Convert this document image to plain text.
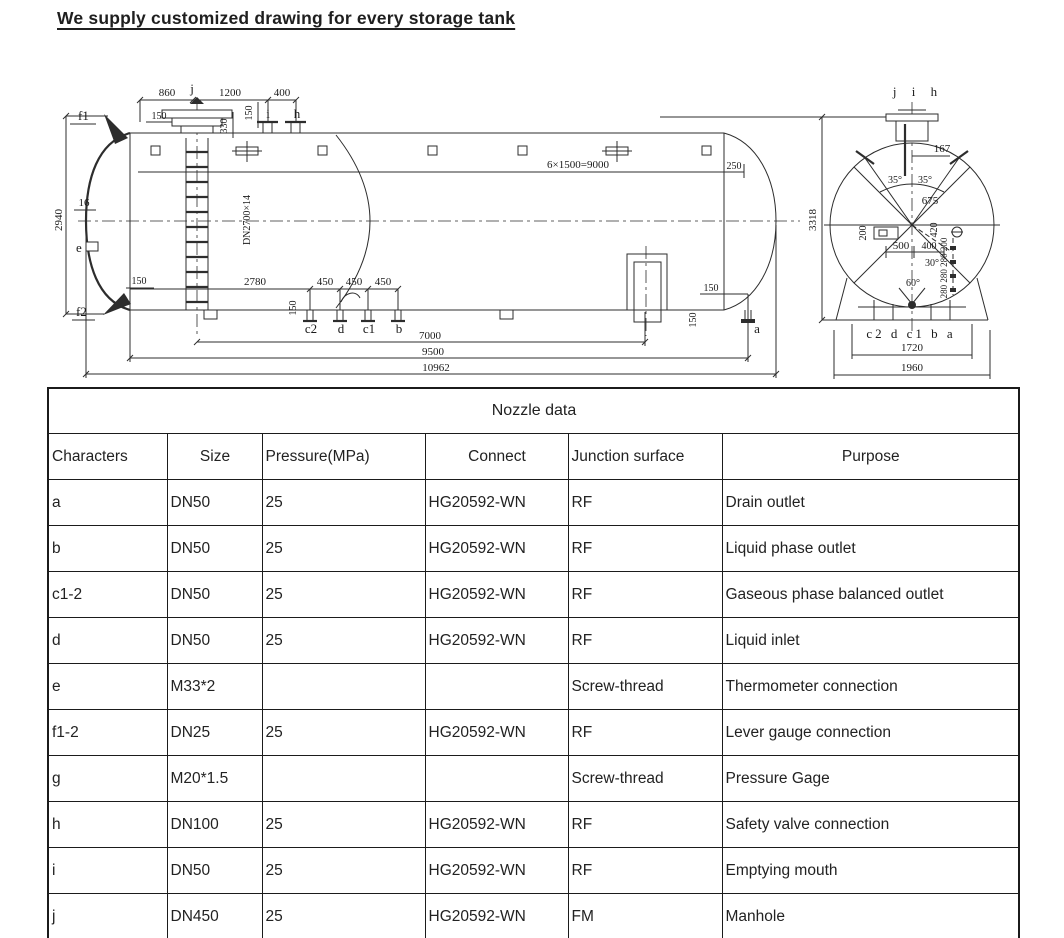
We supply customized drawing for every storage tank
f1
f2
e
j
i h
860	1200	400
150	150
330
16
2940	DN2700×14
6×1500=9000	250
2780	450 450 450
150
150
150
150
c2 d c1 b	a
7000
9500
10962
j i h
167
35° 35°
675
200
500 400
420
30°
60° 280 280 280 200
c2 d c1 b a
1720
1960
3318
Nozzle data					
Characters	Size	Pressure(MPa)	Connect	Junction surface	Purpose
a	DN50	25	HG20592-WN	RF	Drain outlet
b	DN50	25	HG20592-WN	RF	Liquid phase outlet
c1-2	DN50	25	HG20592-WN	RF	Gaseous phase balanced outlet
d	DN50	25	HG20592-WN	RF	Liquid inlet
e	M33*2			Screw-thread	Thermometer connection
f1-2	DN25	25	HG20592-WN	RF	Lever gauge connection
g	M20*1.5			Screw-thread	Pressure Gage
h	DN100	25	HG20592-WN	RF	Safety valve connection
i	DN50	25	HG20592-WN	RF	Emptying mouth
j	DN450	25	HG20592-WN	FM	Manhole
